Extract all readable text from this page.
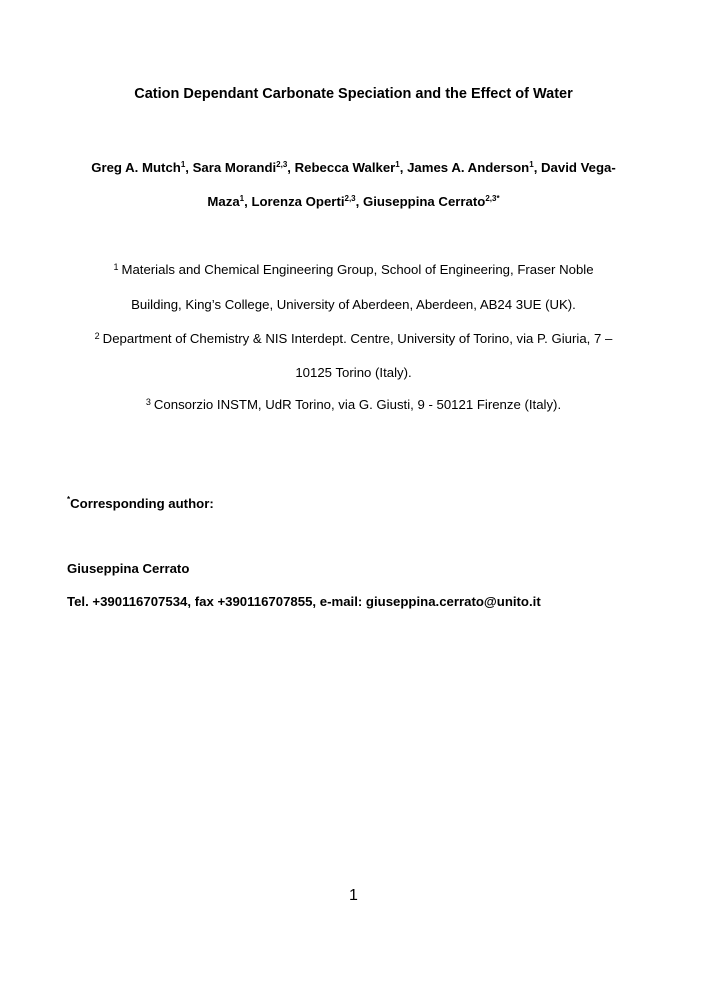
Cation Dependant Carbonate Speciation and the Effect of Water
Greg A. Mutch$^1$, Sara Morandi$^{2,3}$, Rebecca Walker$^1$, James A. Anderson$^1$, David Vega-
Maza$^1$, Lorenza Operti$^{2,3}$, Giuseppina Cerrato$^{2,3*}$
$^1$ Materials and Chemical Engineering Group, School of Engineering, Fraser Noble
Building, King’s College, University of Aberdeen, Aberdeen, AB24 3UE (UK).
$^2$ Department of Chemistry & NIS Interdept. Centre, University of Torino, via P. Giuria, 7 –
10125 Torino (Italy).
$^3$ Consorzio INSTM, UdR Torino, via G. Giusti, 9 - 50121 Firenze (Italy).
*Corresponding author:
Giuseppina Cerrato
Tel. +390116707534, fax +390116707855, e-mail: giuseppina.cerrato@unito.it
1
